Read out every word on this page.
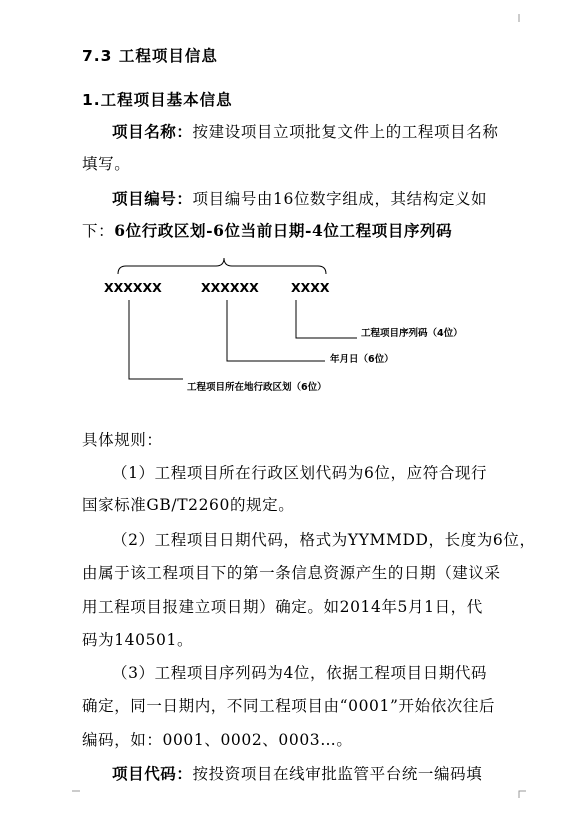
7.3 工程项目信息
1.工程项目基本信息
项目名称：按建设项目立项批复文件上的工程项目名称
填写。
项目编号：项目编号由16位数字组成，其结构定义如
下：6位行政区划-6位当前日期-4位工程项目序列码
XXXXXX	XXXXXX	XXXX
工程项目序列码（4位）
年月日（6位）
工程项目所在地行政区划（6位）
具体规则：
（1）工程项目所在行政区划代码为6位，应符合现行
国家标准GB/T2260的规定。
（2）工程项目日期代码，格式为YYMMDD，长度为6位，
由属于该工程项目下的第一条信息资源产生的日期（建议采
用工程项目报建立项日期）确定。如2014年5月1日，代
码为140501。
（3）工程项目序列码为4位，依据工程项目日期代码
确定，同一日期内，不同工程项目由“0001”开始依次往后
编码，如：0001、0002、0003…。
项目代码：按投资项目在线审批监管平台统一编码填
